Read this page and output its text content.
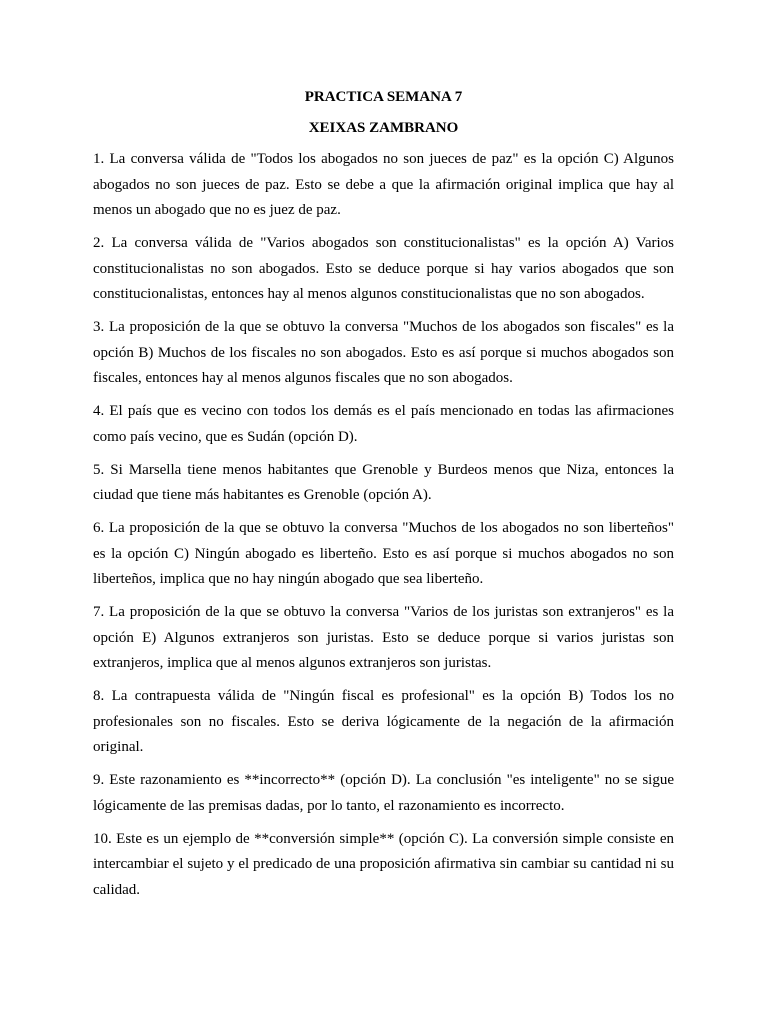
PRACTICA SEMANA 7
XEIXAS ZAMBRANO

1. La conversa válida de "Todos los abogados no son jueces de paz" es la opción C) Algunos abogados no son jueces de paz. Esto se debe a que la afirmación original implica que hay al menos un abogado que no es juez de paz.

2. La conversa válida de "Varios abogados son constitucionalistas" es la opción A) Varios constitucionalistas no son abogados. Esto se deduce porque si hay varios abogados que son constitucionalistas, entonces hay al menos algunos constitucionalistas que no son abogados.

3. La proposición de la que se obtuvo la conversa "Muchos de los abogados son fiscales" es la opción B) Muchos de los fiscales no son abogados. Esto es así porque si muchos abogados son fiscales, entonces hay al menos algunos fiscales que no son abogados.

4. El país que es vecino con todos los demás es el país mencionado en todas las afirmaciones como país vecino, que es Sudán (opción D).

5. Si Marsella tiene menos habitantes que Grenoble y Burdeos menos que Niza, entonces la ciudad que tiene más habitantes es Grenoble (opción A).

6. La proposición de la que se obtuvo la conversa "Muchos de los abogados no son liberteños" es la opción C) Ningún abogado es liberteño. Esto es así porque si muchos abogados no son liberteños, implica que no hay ningún abogado que sea liberteño.

7. La proposición de la que se obtuvo la conversa "Varios de los juristas son extranjeros" es la opción E) Algunos extranjeros son juristas. Esto se deduce porque si varios juristas son extranjeros, implica que al menos algunos extranjeros son juristas.

8. La contrapuesta válida de "Ningún fiscal es profesional" es la opción B) Todos los no profesionales son no fiscales. Esto se deriva lógicamente de la negación de la afirmación original.

9. Este razonamiento es **incorrecto** (opción D). La conclusión "es inteligente" no se sigue lógicamente de las premisas dadas, por lo tanto, el razonamiento es incorrecto.

10. Este es un ejemplo de **conversión simple** (opción C). La conversión simple consiste en intercambiar el sujeto y el predicado de una proposición afirmativa sin cambiar su cantidad ni su calidad.
